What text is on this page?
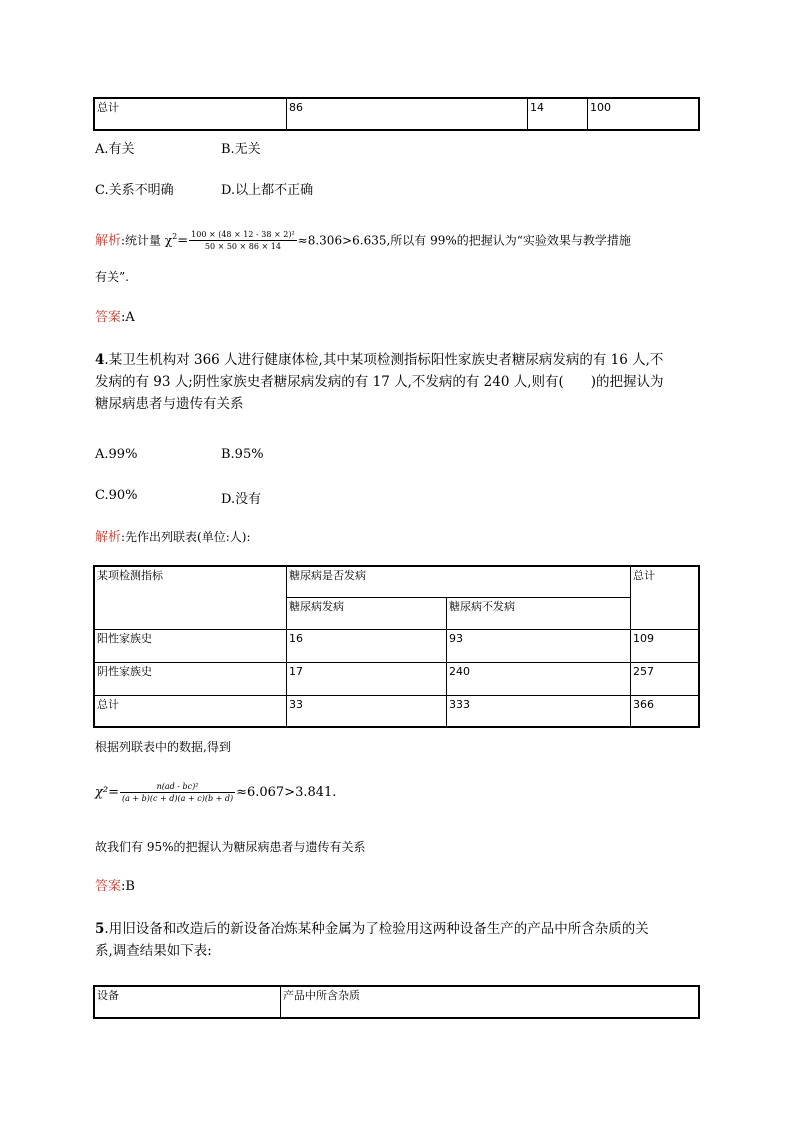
总计	86	14	100
A.有关	B.无关
C.关系不明确	D.以上都不正确
解析:统计量 $\chi^2= \frac{\text{100 × (48 × 12 - 38 × 2)²}}{50 \times 50 \times 86 \times 14} \approx 8.306>6.635$,所以有 99%的把握认为“实验效果与教学措施
有关”.
答案:A
4.某卫生机构对 366 人进行健康体检,其中某项检测指标阳性家族史者糖尿病发病的有 16 人,不
发病的有 93 人;阴性家族史者糖尿病发病的有 17 人,不发病的有 240 人,则有(　　)的把握认为
糖尿病患者与遗传有关系
A.99%	B.95%
C.90%	D.没有
解析:先作出列联表(单位:人):
某项检测指标	糖尿病是否发病		总计
	糖尿病发病	糖尿病不发病	
阳性家族史	16	93	109
阴性家族史	17	240	257
总计	33	333	366
根据列联表中的数据,得到
$\chi^2= \frac{\text{n(ad - bc)²}}{(a + b)(c + d)(a + c)(b + d)} \approx 6.067>3.841$.
故我们有 95%的把握认为糖尿病患者与遗传有关系
答案:B
5.用旧设备和改造后的新设备冶炼某种金属为了检验用这两种设备生产的产品中所含杂质的关
系,调查结果如下表:
设备	产品中所含杂质
